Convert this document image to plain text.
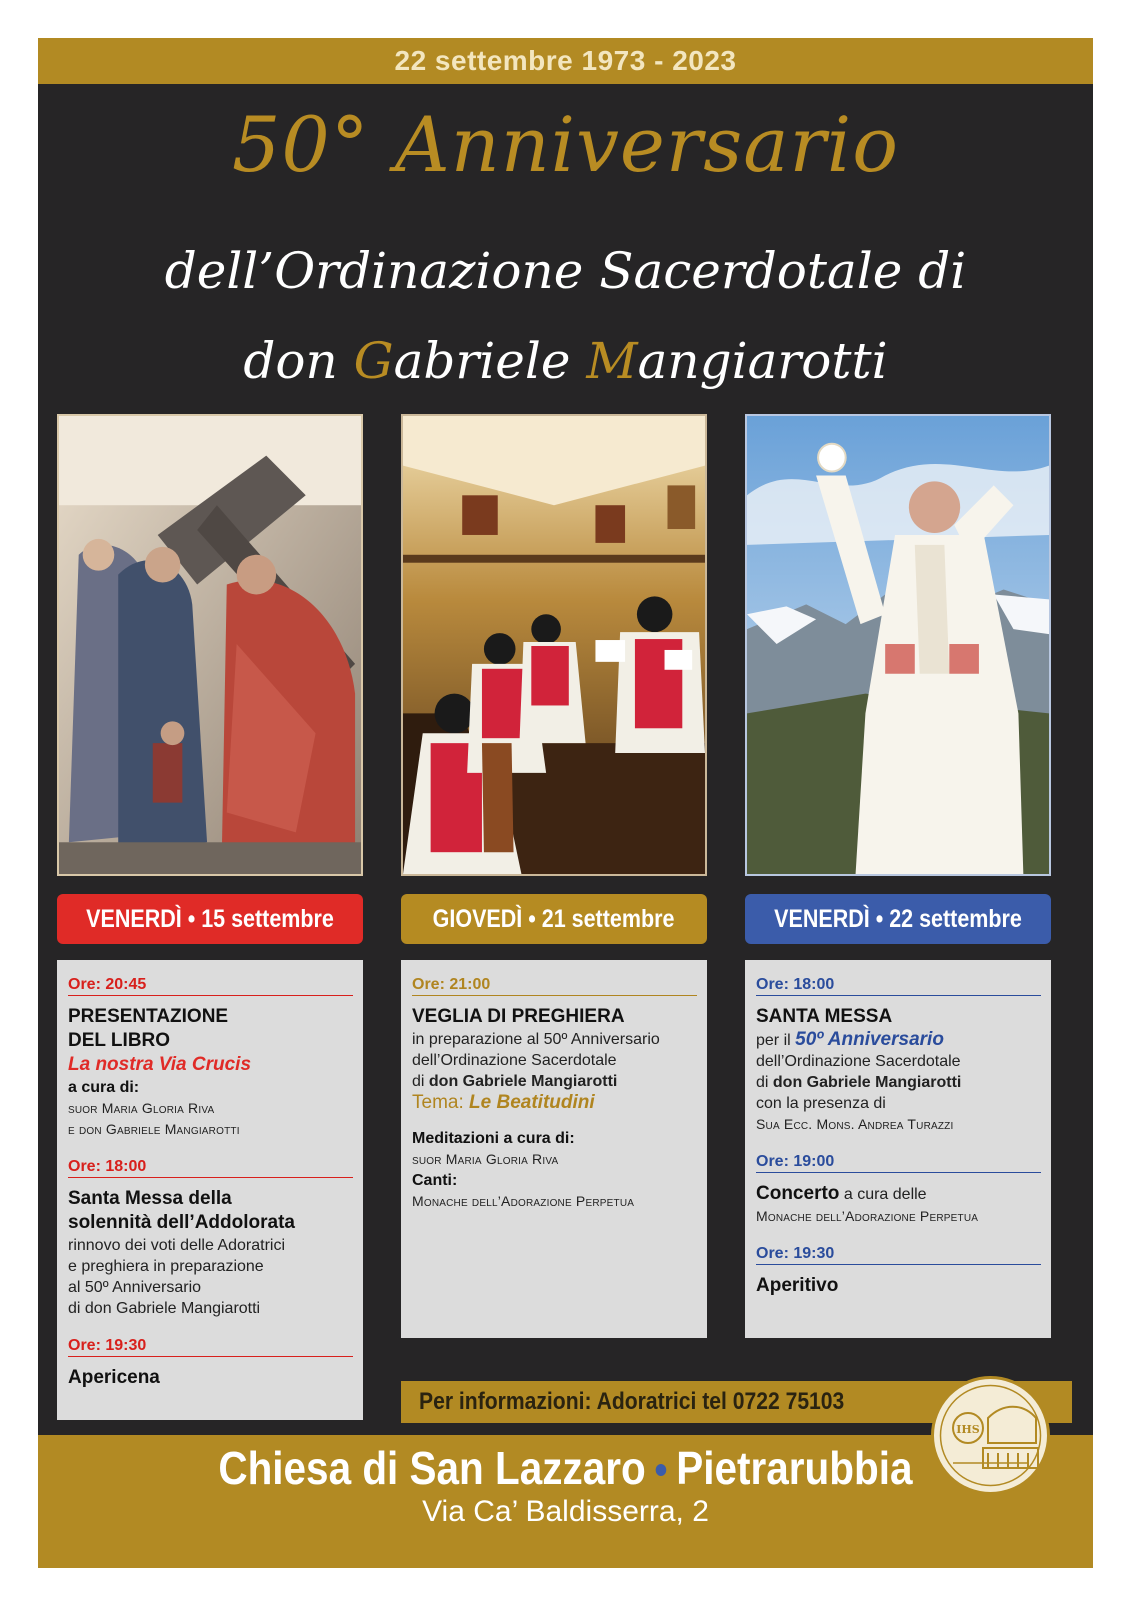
22 settembre 1973 - 2023
50° Anniversario
dell’Ordinazione Sacerdotale di
don Gabriele Mangiarotti
VENERDÌ • 15 settembre	GIOVEDÌ • 21 settembre	VENERDÌ • 22 settembre
Ore: 20:45
PRESENTAZIONE
DEL LIBRO
La nostra Via Crucis
a cura di:
suor Maria Gloria Riva
e don Gabriele Mangiarotti
Ore: 18:00
Santa Messa della
solennità dell’Addolorata
rinnovo dei voti delle Adoratrici
e preghiera in preparazione
al 50º Anniversario
di don Gabriele Mangiarotti
Ore: 19:30
Apericena
Ore: 21:00
VEGLIA DI PREGHIERA
in preparazione al 50º Anniversario
dell’Ordinazione Sacerdotale
di don Gabriele Mangiarotti
Tema: Le Beatitudini
Meditazioni a cura di:
suor Maria Gloria Riva
Canti:
Monache dell’Adorazione Perpetua
Ore: 18:00
SANTA MESSA
per il 50º Anniversario
dell’Ordinazione Sacerdotale
di don Gabriele Mangiarotti
con la presenza di
Sua Ecc. Mons. Andrea Turazzi
Ore: 19:00
Concerto a cura delle
Monache dell’Adorazione Perpetua
Ore: 19:30
Aperitivo
Per informazioni: Adoratrici tel 0722 75103
Chiesa di San Lazzaro • Pietrarubbia
Via Ca’ Baldisserra, 2
IHS
